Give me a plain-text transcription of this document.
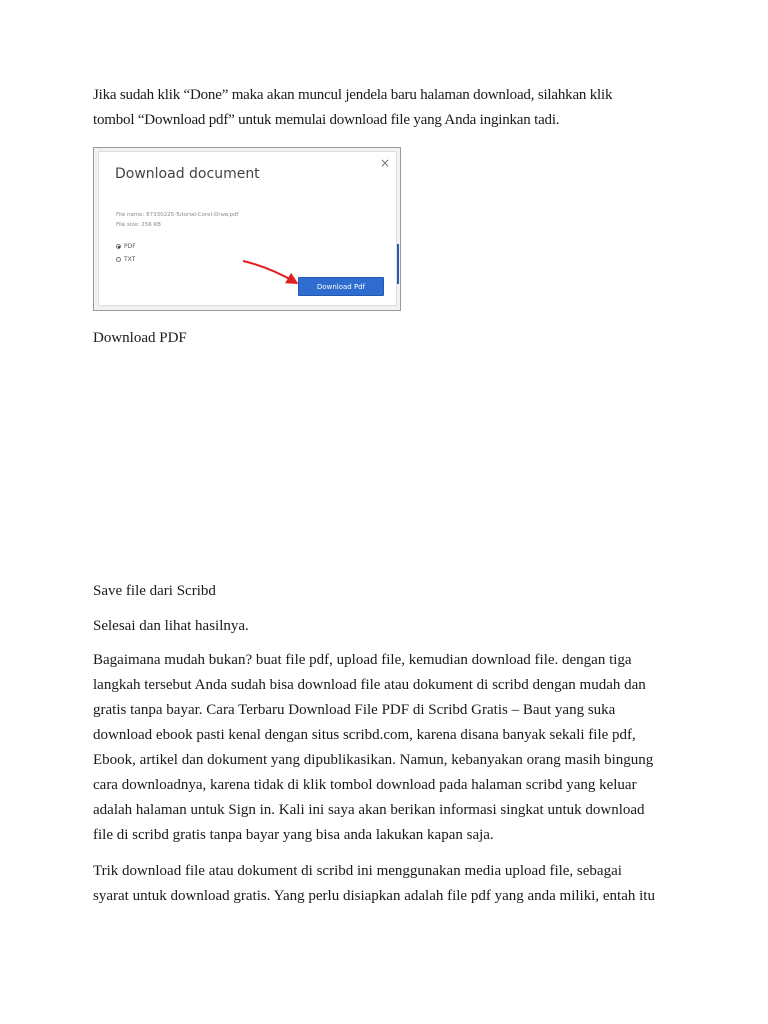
Jika sudah klik “Done” maka akan muncul jendela baru halaman download, silahkan klik
tombol “Download pdf” untuk memulai download file yang Anda inginkan tadi.
Download document
×
File name: 87330225-Tutorial-Corel-Draw.pdf
File size: 256 KB
PDF
TXT
Download Pdf
Download PDF
Save file dari Scribd
Selesai dan lihat hasilnya.
Bagaimana mudah bukan? buat file pdf, upload file, kemudian download file. dengan tiga
langkah tersebut Anda sudah bisa download file atau dokument di scribd dengan mudah dan
gratis tanpa bayar. Cara Terbaru Download File PDF di Scribd Gratis – Baut yang suka
download ebook pasti kenal dengan situs scribd.com, karena disana banyak sekali file pdf,
Ebook, artikel dan dokument yang dipublikasikan. Namun, kebanyakan orang masih bingung
cara downloadnya, karena tidak di klik tombol download pada halaman scribd yang keluar
adalah halaman untuk Sign in. Kali ini saya akan berikan informasi singkat untuk download
file di scribd gratis tanpa bayar yang bisa anda lakukan kapan saja.
Trik download file atau dokument di scribd ini menggunakan media upload file, sebagai
syarat untuk download gratis. Yang perlu disiapkan adalah file pdf yang anda miliki, entah itu
